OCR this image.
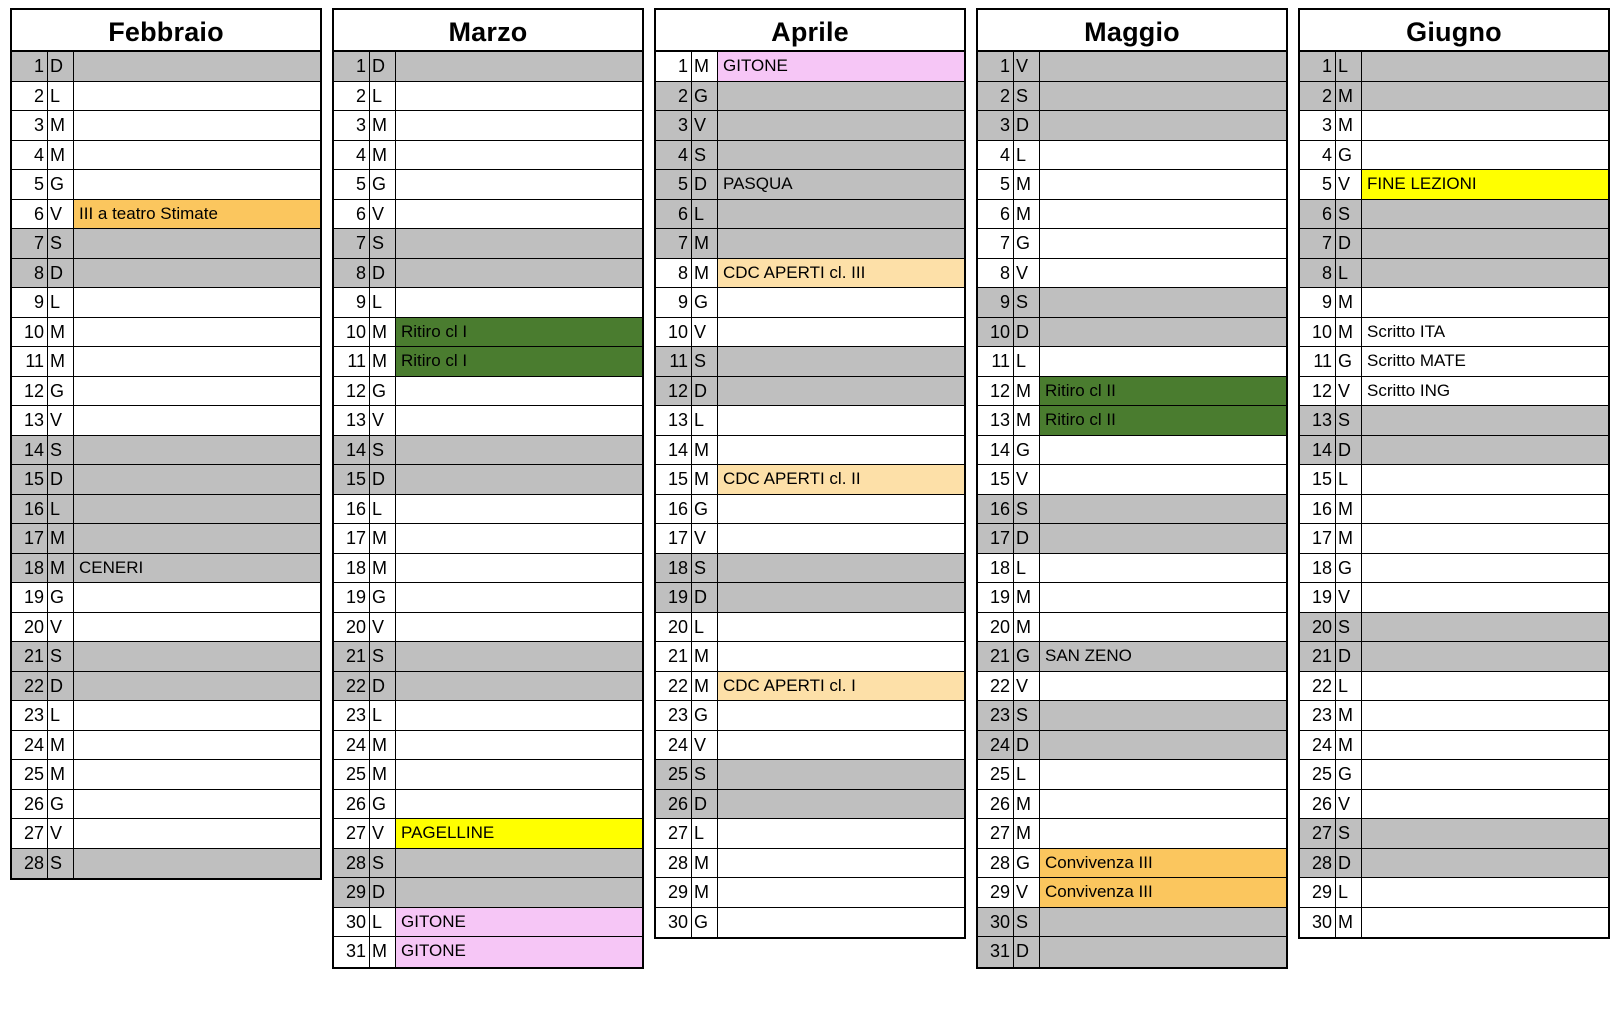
Febbraio
1 D
2 L
3 M
4 M
5 G
6 V III a teatro Stimate
7 S
8 D
9 L
10 M
11 M
12 G
13 V
14 S
15 D
16 L
17 M
18 M CENERI
19 G
20 V
21 S
22 D
23 L
24 M
25 M
26 G
27 V
28 S
Marzo
1 D
2 L
3 M
4 M
5 G
6 V
7 S
8 D
9 L
10 M Ritiro cl I
11 M Ritiro cl I
12 G
13 V
14 S
15 D
16 L
17 M
18 M
19 G
20 V
21 S
22 D
23 L
24 M
25 M
26 G
27 V PAGELLINE
28 S
29 D
30 L	GITONE
31 M GITONE
Aprile
1 M GITONE
2 G
3 V
4 S
5 D PASQUA
6 L
7 M
8 M CDC APERTI cl. III
9 G
10 V
11 S
12 D
13 L
14 M
15 M CDC APERTI cl. II
16 G
17 V
18 S
19 D
20 L
21 M
22 M CDC APERTI cl. I
23 G
24 V
25 S
26 D
27 L
28 M
29 M
30 G
Maggio
1 V
2 S
3 D
4 L
5 M
6 M
7 G
8 V
9 S
10 D
11 L
12 M Ritiro cl II
13 M Ritiro cl II
14 G
15 V
16 S
17 D
18 L
19 M
20 M
21 G SAN ZENO
22 V
23 S
24 D
25 L
26 M
27 M
28 G Convivenza III
29 V Convivenza III
30 S
31 D
Giugno
1 L
2 M
3 M
4 G
5 V FINE LEZIONI
6 S
7 D
8 L
9 M
10 M Scritto ITA
11 G Scritto MATE
12 V Scritto ING
13 S
14 D
15 L
16 M
17 M
18 G
19 V
20 S
21 D
22 L
23 M
24 M
25 G
26 V
27 S
28 D
29 L
30 M
